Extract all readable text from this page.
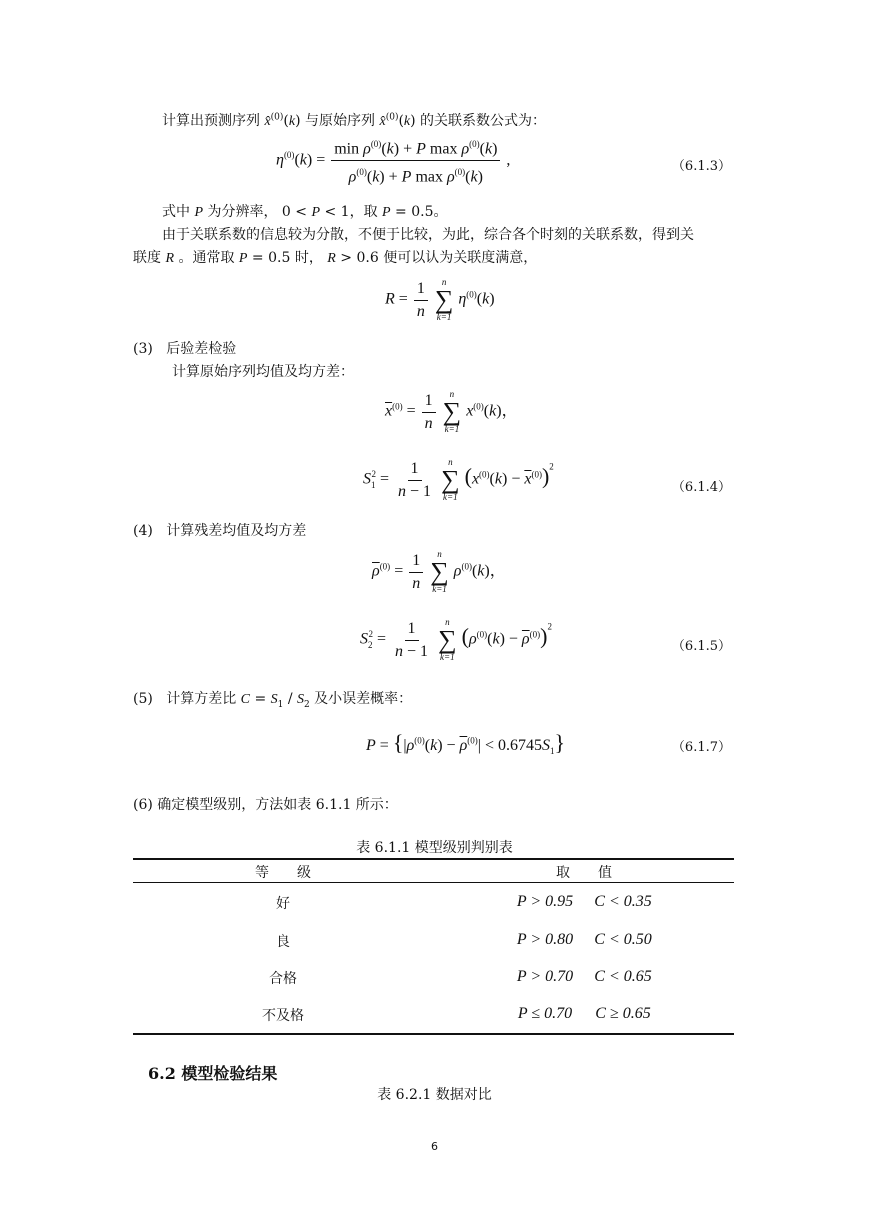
计算出预测序列 x̂$^{(0)}$(k) 与原始序列 x̂$^{(0)}$(k) 的关联系数公式为：
$\eta^{(0)}(k) = \frac{\min \rho^{(0)}(k) + P \max \rho^{(0)}(k)}{\rho^{(0)}(k) + P \max \rho^{(0)}(k)}$ ,	（6.1.3）
式中 P 为分辨率， 0 < P < 1，取 P = 0.5。
由于关联系数的信息较为分散，不便于比较，为此，综合各个时刻的关联系数，得到关
联度 R 。通常取 P = 0.5 时， R > 0.6 便可以认为关联度满意，
$R = \frac{1}{n}$
n
∑
k=1
$\eta^{(0)}(k)$
(3) 后验差检验
计算原始序列均值及均方差：
$\overline{x}^{(0)} = \frac{1}{n}$
n
∑
k=1
$x^{(0)}(k)$，
$S_1^2 = \frac{1}{n - 1}$
n
∑
k=1
$(x^{(0)}(k) - \overline{x}^{(0)})^2$
（6.1.4）
(4) 计算残差均值及均方差
$\overline{\rho}^{(0)} = \frac{1}{n}$
n
∑
k=1
$\rho^{(0)}(k)$，
$S_2^2 = \frac{1}{n - 1}$
n
∑
k=1
$(\rho^{(0)}(k) - \overline{\rho}^{(0)})^2$
（6.1.5）
(5)   计算方差比 $C = S_1 / S_2$ 及小误差概率：
$P = \{|\rho^{(0)}(k) - \overline{\rho}^{(0)}| < 0.6745S_1\}$	（6.1.7）
(6) 确定模型级别，方法如表 6.1.1 所示：
表 6.1.1 模型级别判别表
等　　级	取　　值
好	P > 0.95	C < 0.35
良	P > 0.80	C < 0.50
合格	P > 0.70	C < 0.65
不及格	P ≤ 0.70	C ≥ 0.65
6.2 模型检验结果
表 6.2.1 数据对比
6
